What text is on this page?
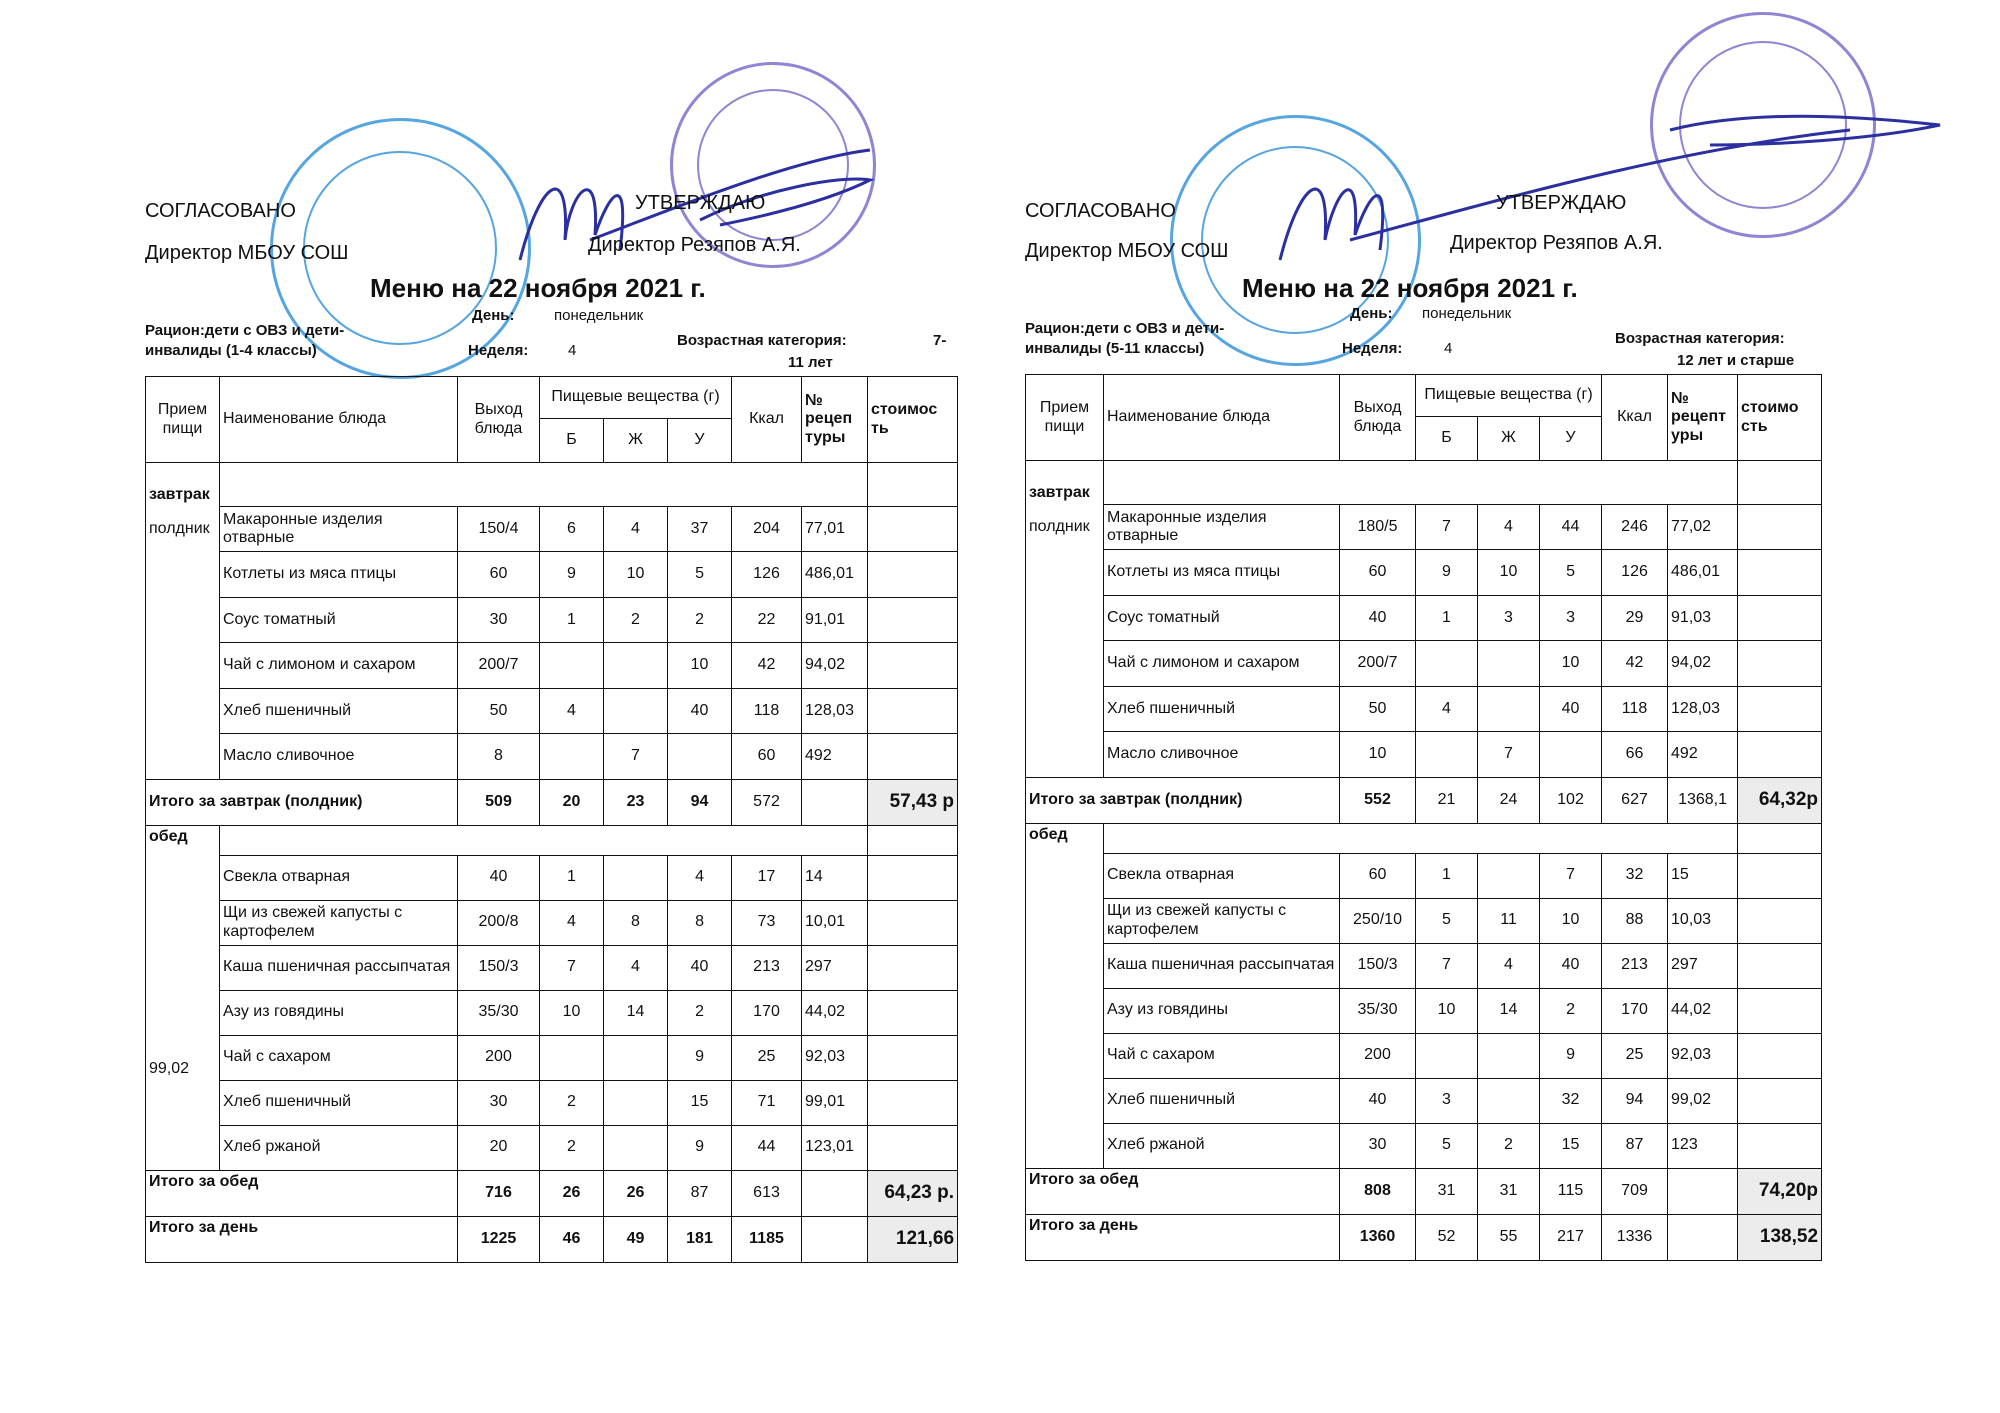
СОГЛАСОВАНО	УТВЕРЖДАЮ
Директор МБОУ СОШ	Директор Резяпов А.Я.
Меню на 22 ноября 2021 г.
День:	понедельник
Рацион:дети с ОВЗ и дети-
инвалиды (1-4 классы)	Неделя:	4
Возрастная категория:	7-
11 лет
Прием пищи	Наименование блюда	Выход блюда	Пищевые вещества (г)			Ккал	№ рецеп туры	стоимос ть
			Б	Ж	У			
завтрак								
полдник	Макаронные изделия отварные	150/4	6	4	37	204	77,01	
	Котлеты из мяса птицы	60	9	10	5	126	486,01	
	Соус томатный	30	1	2	2	22	91,01	
	Чай с лимоном и сахаром	200/7			10	42	94,02	
	Хлеб пшеничный	50	4		40	118	128,03	
	Масло сливочное	8		7		60	492	
Итого за завтрак (полдник)		509	20	23	94	572		57,43 р
обед								
	Свекла отварная	40	1		4	17	14	
	Щи из свежей капусты с картофелем	200/8	4	8	8	73	10,01	
	Каша пшеничная рассыпчатая	150/3	7	4	40	213	297	
	Азу из говядины	35/30	10	14	2	170	44,02	
99,02	Чай с сахаром	200			9	25	92,03	
	Хлеб пшеничный	30	2		15	71	99,01	
	Хлеб ржаной	20	2		9	44	123,01	
Итого за обед		716	26	26	87	613		64,23 р.
Итого за день		1225	46	49	181	1185		121,66
СОГЛАСОВАНО	УТВЕРЖДАЮ
Директор МБОУ СОШ	Директор Резяпов А.Я.
Меню на 22 ноября 2021 г.
День: понедельник
Рацион:дети с ОВЗ и дети-
инвалиды (5-11 классы)	Неделя:	4
Возрастная категория:
12 лет и старше
Прием пищи	Наименование блюда	Выход блюда	Пищевые вещества (г)			Ккал	№ рецепт уры	стоимо сть
			Б	Ж	У			
завтрак								
полдник	Макаронные изделия отварные	180/5	7	4	44	246	77,02	
	Котлеты из мяса птицы	60	9	10	5	126	486,01	
	Соус томатный	40	1	3	3	29	91,03	
	Чай с лимоном и сахаром	200/7			10	42	94,02	
	Хлеб пшеничный	50	4		40	118	128,03	
	Масло сливочное	10		7		66	492	
Итого за завтрак (полдник)		552	21	24	102	627	1368,1	64,32р
обед								
	Свекла отварная	60	1		7	32	15	
	Щи из свежей капусты с картофелем	250/10	5	11	10	88	10,03	
	Каша пшеничная рассыпчатая	150/3	7	4	40	213	297	
	Азу из говядины	35/30	10	14	2	170	44,02	
	Чай с сахаром	200			9	25	92,03	
	Хлеб пшеничный	40	3		32	94	99,02	
	Хлеб ржаной	30	5	2	15	87	123	
Итого за обед		808	31	31	115	709		74,20р
Итого за день		1360	52	55	217	1336		138,52
